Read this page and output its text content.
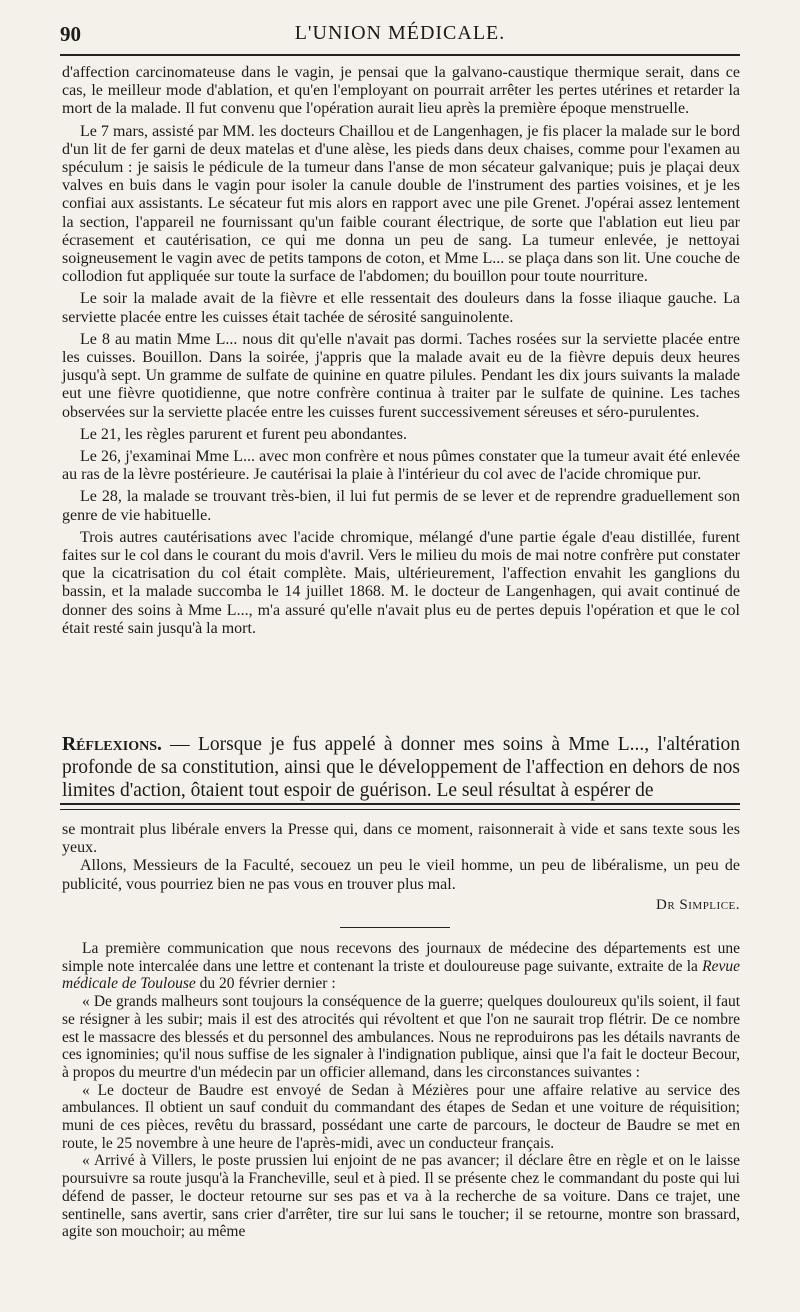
90	L'UNION MÉDICALE.

d'affection carcinomateuse dans le vagin, je pensai que la galvano-caustique thermique serait, dans ce cas, le meilleur mode d'ablation, et qu'en l'employant on pourrait arrêter les pertes utérines et retarder la mort de la malade. Il fut convenu que l'opération aurait lieu après la première époque menstruelle.

Le 7 mars, assisté par MM. les docteurs Chaillou et de Langenhagen, je fis placer la malade sur le bord d'un lit de fer garni de deux matelas et d'une alèse, les pieds dans deux chaises, comme pour l'examen au spéculum : je saisis le pédicule de la tumeur dans l'anse de mon sécateur galvanique; puis je plaçai deux valves en buis dans le vagin pour isoler la canule double de l'instrument des parties voisines, et je les confiai aux assistants. Le sécateur fut mis alors en rapport avec une pile Grenet. J'opérai assez lentement la section, l'appareil ne fournissant qu'un faible courant électrique, de sorte que l'ablation eut lieu par écrasement et cautérisation, ce qui me donna un peu de sang. La tumeur enlevée, je nettoyai soigneusement le vagin avec de petits tampons de coton, et Mme L... se plaça dans son lit. Une couche de collodion fut appliquée sur toute la surface de l'abdomen; du bouillon pour toute nourriture.

Le soir la malade avait de la fièvre et elle ressentait des douleurs dans la fosse iliaque gauche. La serviette placée entre les cuisses était tachée de sérosité sanguinolente.

Le 8 au matin Mme L... nous dit qu'elle n'avait pas dormi. Taches rosées sur la serviette placée entre les cuisses. Bouillon. Dans la soirée, j'appris que la malade avait eu de la fièvre depuis deux heures jusqu'à sept. Un gramme de sulfate de quinine en quatre pilules. Pendant les dix jours suivants la malade eut une fièvre quotidienne, que notre confrère continua à traiter par le sulfate de quinine. Les taches observées sur la serviette placée entre les cuisses furent successivement séreuses et séro-purulentes.

Le 21, les règles parurent et furent peu abondantes.

Le 26, j'examinai Mme L... avec mon confrère et nous pûmes constater que la tumeur avait été enlevée au ras de la lèvre postérieure. Je cautérisai la plaie à l'intérieur du col avec de l'acide chromique pur.

Le 28, la malade se trouvant très-bien, il lui fut permis de se lever et de reprendre graduellement son genre de vie habituelle.

Trois autres cautérisations avec l'acide chromique, mélangé d'une partie égale d'eau distillée, furent faites sur le col dans le courant du mois d'avril. Vers le milieu du mois de mai notre confrère put constater que la cicatrisation du col était complète. Mais, ultérieurement, l'affection envahit les ganglions du bassin, et la malade succomba le 14 juillet 1868. M. le docteur de Langenhagen, qui avait continué de donner des soins à Mme L..., m'a assuré qu'elle n'avait plus eu de pertes depuis l'opération et que le col était resté sain jusqu'à la mort.

Réflexions. — Lorsque je fus appelé à donner mes soins à Mme L..., l'altération profonde de sa constitution, ainsi que le développement de l'affection en dehors de nos limites d'action, ôtaient tout espoir de guérison. Le seul résultat à espérer de

se montrait plus libérale envers la Presse qui, dans ce moment, raisonnerait à vide et sans texte sous les yeux.

Allons, Messieurs de la Faculté, secouez un peu le vieil homme, un peu de libéralisme, un peu de publicité, vous pourriez bien ne pas vous en trouver plus mal.

Dr Simplice.

La première communication que nous recevons des journaux de médecine des départements est une simple note intercalée dans une lettre et contenant la triste et douloureuse page suivante, extraite de la Revue médicale de Toulouse du 20 février dernier :

« De grands malheurs sont toujours la conséquence de la guerre; quelques douloureux qu'ils soient, il faut se résigner à les subir; mais il est des atrocités qui révoltent et que l'on ne saurait trop flétrir. De ce nombre est le massacre des blessés et du personnel des ambulances. Nous ne reproduirons pas les détails navrants de ces ignominies; qu'il nous suffise de les signaler à l'indignation publique, ainsi que l'a fait le docteur Becour, à propos du meurtre d'un médecin par un officier allemand, dans les circonstances suivantes :

« Le docteur de Baudre est envoyé de Sedan à Mézières pour une affaire relative au service des ambulances. Il obtient un sauf conduit du commandant des étapes de Sedan et une voiture de réquisition; muni de ces pièces, revêtu du brassard, possédant une carte de parcours, le docteur de Baudre se met en route, le 25 novembre à une heure de l'après-midi, avec un conducteur français.

« Arrivé à Villers, le poste prussien lui enjoint de ne pas avancer; il déclare être en règle et on le laisse poursuivre sa route jusqu'à la Francheville, seul et à pied. Il se présente chez le commandant du poste qui lui défend de passer, le docteur retourne sur ses pas et va à la recherche de sa voiture. Dans ce trajet, une sentinelle, sans avertir, sans crier d'arrêter, tire sur lui sans le toucher; il se retourne, montre son brassard, agite son mouchoir; au même
